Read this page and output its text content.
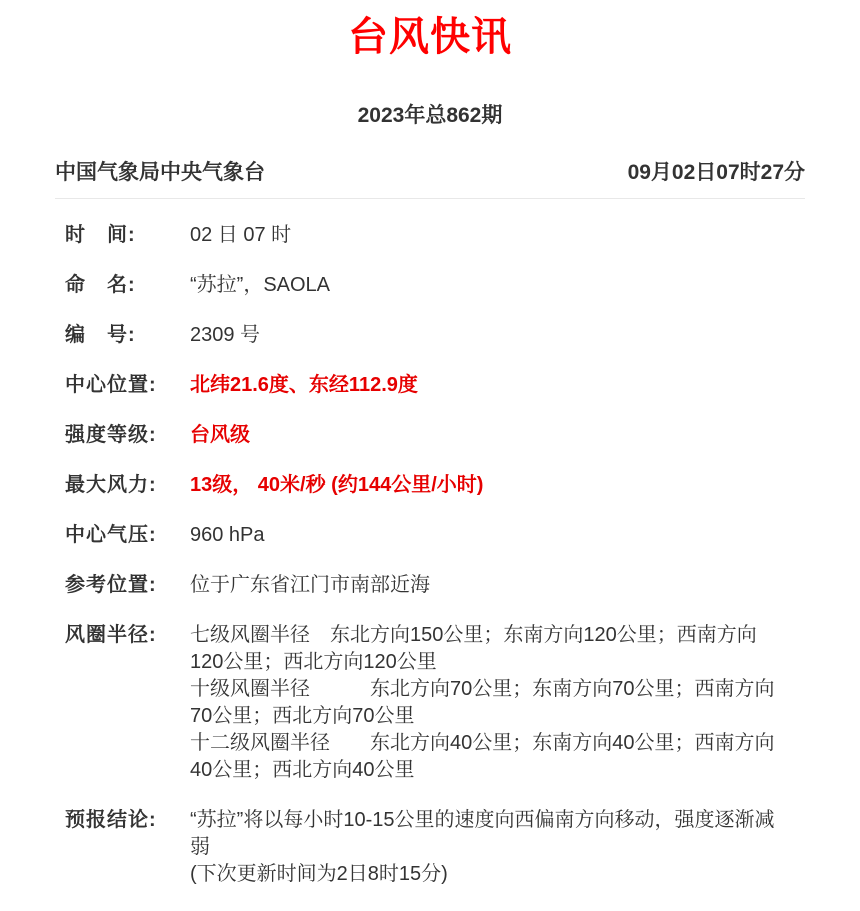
台风快讯
2023年总862期
中国气象局中央气象台	09月02日07时27分
时　间:	02 日 07 时
命　名:	“苏拉”，SAOLA
编　号:	2309 号
中心位置:	北纬21.6度、东经112.9度
强度等级:	台风级
最大风力:	13级， 40米/秒 (约144公里/小时)
中心气压:	960 hPa
参考位置:	位于广东省江门市南部近海
风圈半径:	七级风圈半径　东北方向150公里；东南方向120公里；西南方向120公里；西北方向120公里
十级风圈半径　　　东北方向70公里；东南方向70公里；西南方向70公里；西北方向70公里
十二级风圈半径　　东北方向40公里；东南方向40公里；西南方向40公里；西北方向40公里
预报结论:	“苏拉”将以每小时10-15公里的速度向西偏南方向移动，强度逐渐减弱
(下次更新时间为2日8时15分)
